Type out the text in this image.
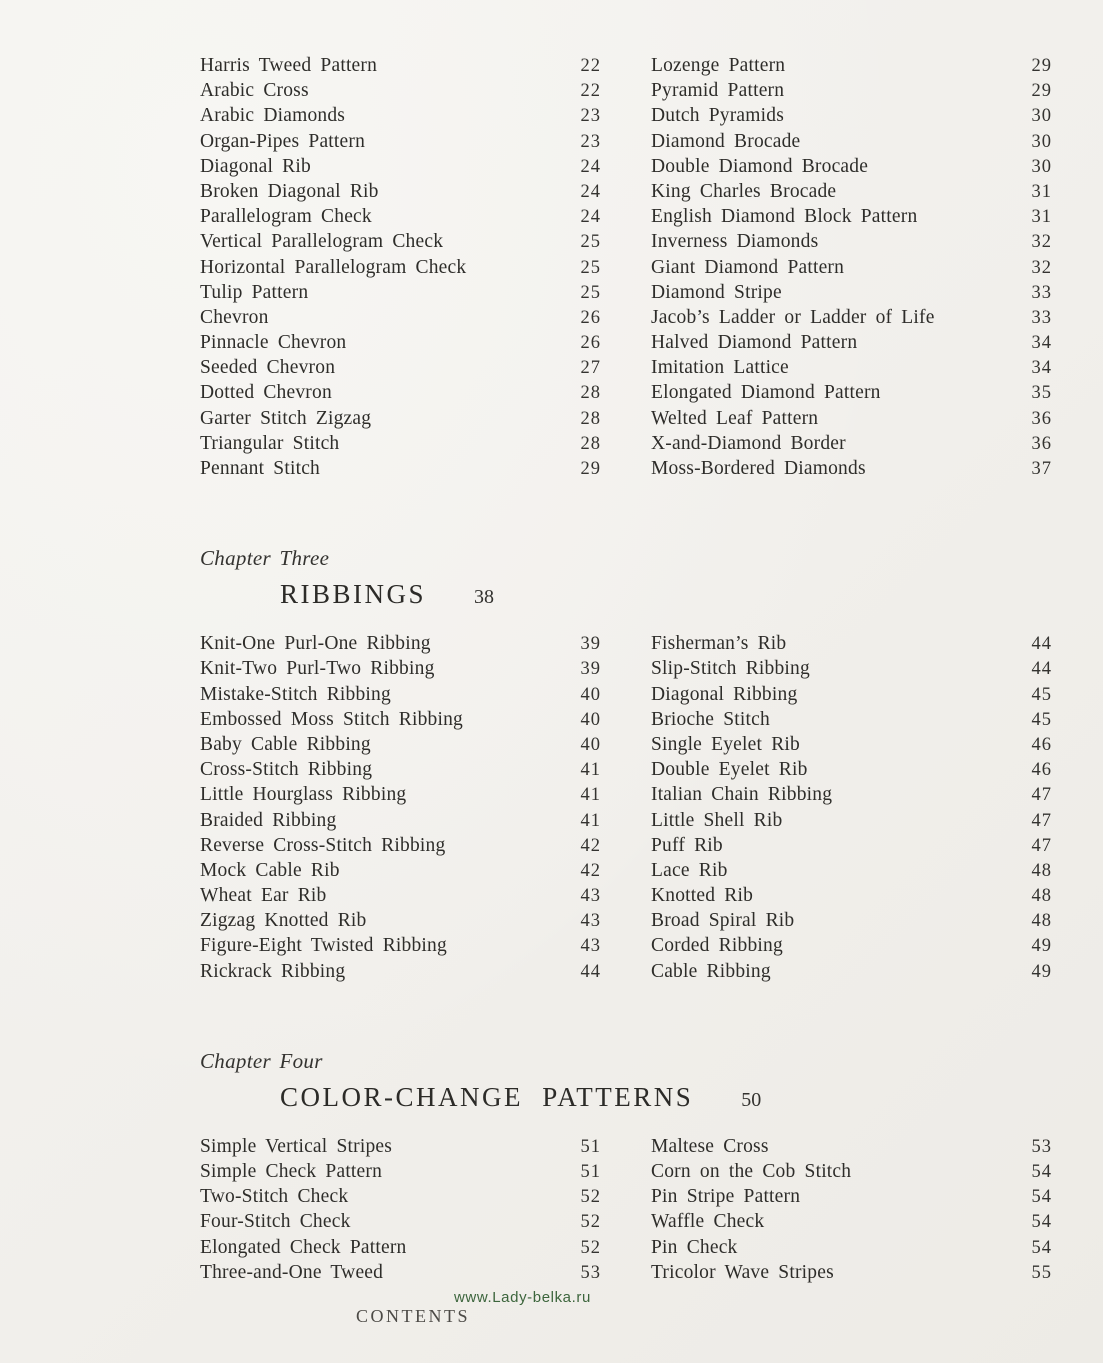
Harris Tweed Pattern	22
Arabic Cross	22
Arabic Diamonds	23
Organ-Pipes Pattern	23
Diagonal Rib	24
Broken Diagonal Rib	24
Parallelogram Check	24
Vertical Parallelogram Check	25
Horizontal Parallelogram Check	25
Tulip Pattern	25
Chevron	26
Pinnacle Chevron	26
Seeded Chevron	27
Dotted Chevron	28
Garter Stitch Zigzag	28
Triangular Stitch	28
Pennant Stitch	29
Lozenge Pattern	29
Pyramid Pattern	29
Dutch Pyramids	30
Diamond Brocade	30
Double Diamond Brocade	30
King Charles Brocade	31
English Diamond Block Pattern	31
Inverness Diamonds	32
Giant Diamond Pattern	32
Diamond Stripe	33
Jacob’s Ladder or Ladder of Life	33
Halved Diamond Pattern	34
Imitation Lattice	34
Elongated Diamond Pattern	35
Welted Leaf Pattern	36
X-and-Diamond Border	36
Moss-Bordered Diamonds	37
Chapter Three
RIBBINGS 38
Knit-One Purl-One Ribbing	39
Knit-Two Purl-Two Ribbing	39
Mistake-Stitch Ribbing	40
Embossed Moss Stitch Ribbing	40
Baby Cable Ribbing	40
Cross-Stitch Ribbing	41
Little Hourglass Ribbing	41
Braided Ribbing	41
Reverse Cross-Stitch Ribbing	42
Mock Cable Rib	42
Wheat Ear Rib	43
Zigzag Knotted Rib	43
Figure-Eight Twisted Ribbing	43
Rickrack Ribbing	44
Fisherman’s Rib	44
Slip-Stitch Ribbing	44
Diagonal Ribbing	45
Brioche Stitch	45
Single Eyelet Rib	46
Double Eyelet Rib	46
Italian Chain Ribbing	47
Little Shell Rib	47
Puff Rib	47
Lace Rib	48
Knotted Rib	48
Broad Spiral Rib	48
Corded Ribbing	49
Cable Ribbing	49
Chapter Four
COLOR-CHANGE PATTERNS 50
Simple Vertical Stripes	51
Simple Check Pattern	51
Two-Stitch Check	52
Four-Stitch Check	52
Elongated Check Pattern	52
Three-and-One Tweed	53
Maltese Cross	53
Corn on the Cob Stitch	54
Pin Stripe Pattern	54
Waffle Check	54
Pin Check	54
Tricolor Wave Stripes	55
www.Lady-belka.ru
CONTENTS
